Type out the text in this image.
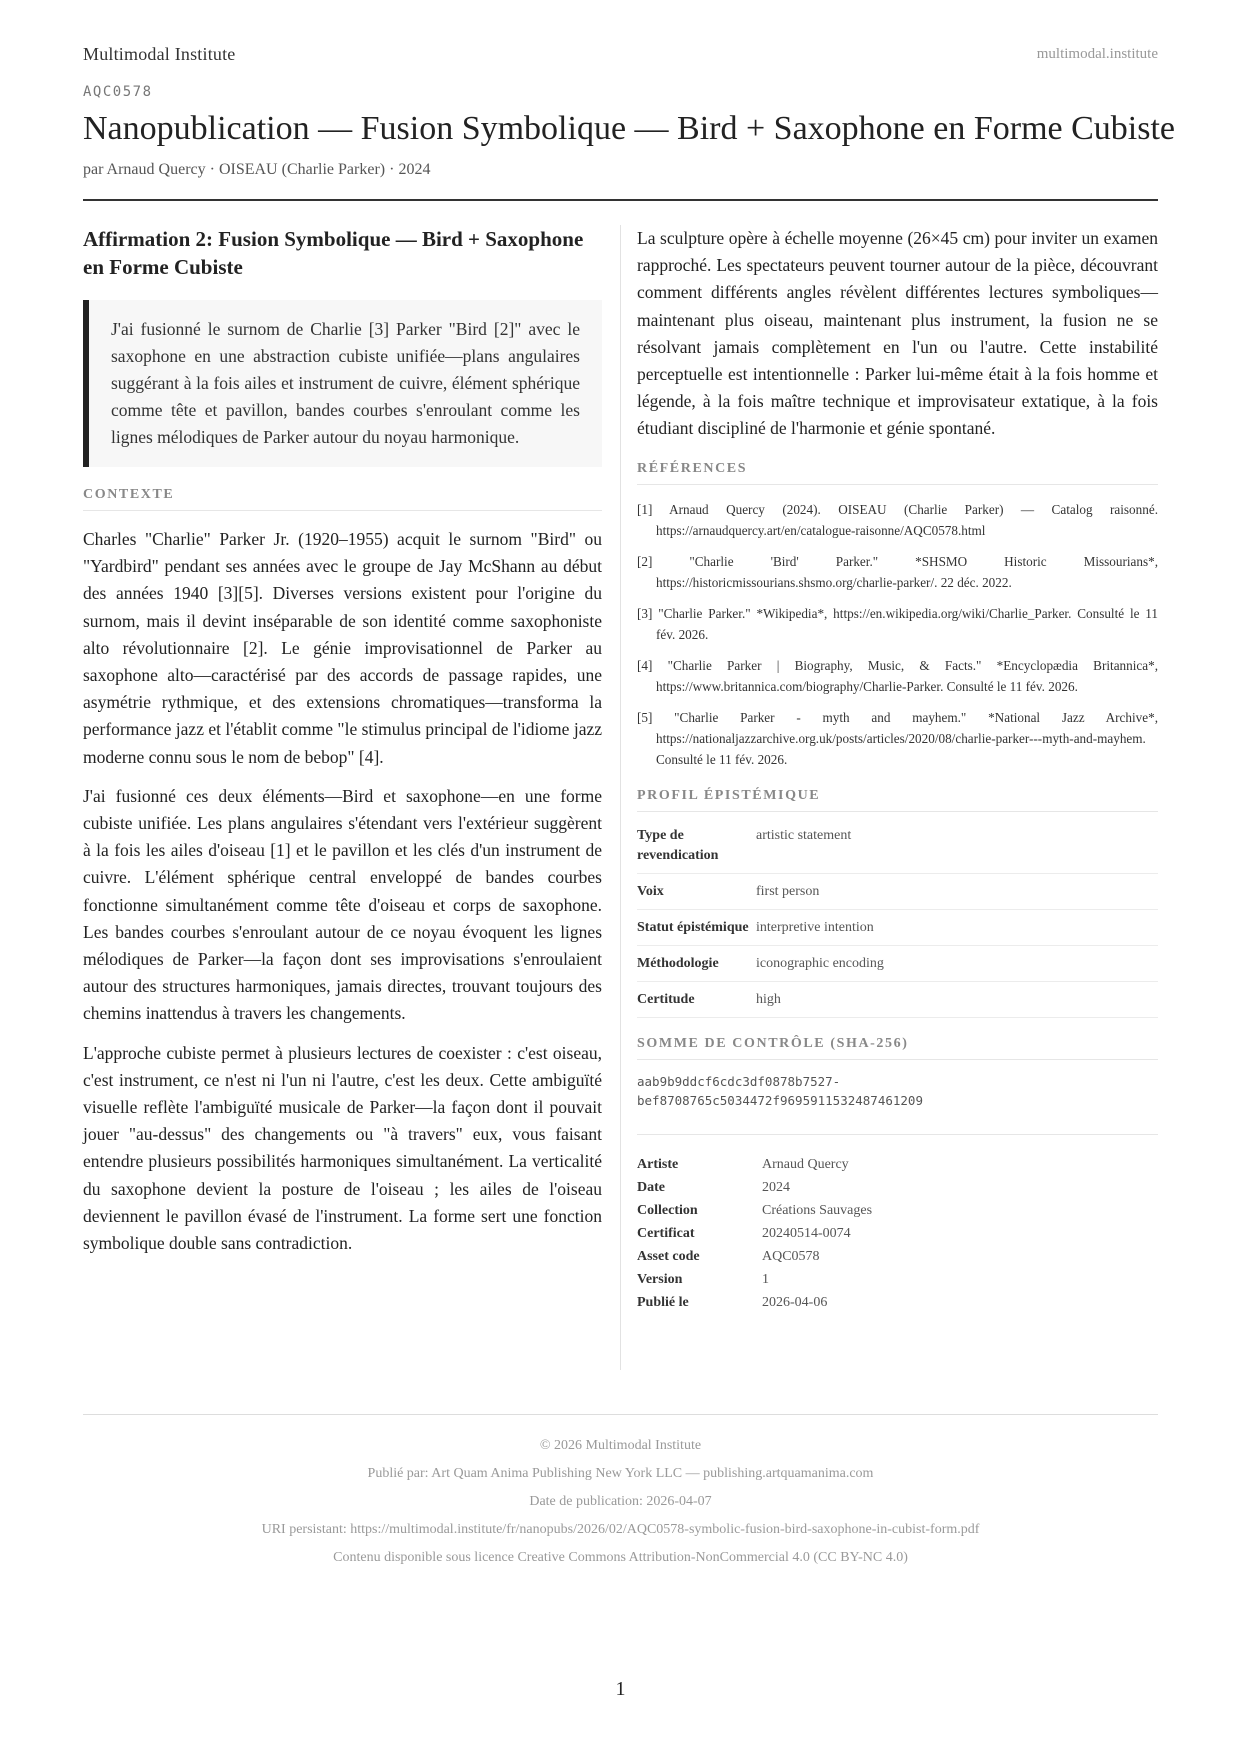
Multimodal Institute	multimodal.institute
AQC0578
Nanopublication — Fusion Symbolique — Bird + Saxophone en Forme Cubiste
par Arnaud Quercy · OISEAU (Charlie Parker) · 2024
Affirmation 2: Fusion Symbolique — Bird + Saxophone en Forme Cubiste
J'ai fusionné le surnom de Charlie [3] Parker "Bird [2]" avec le saxophone en une abstraction cubiste unifiée—plans angulaires suggérant à la fois ailes et instrument de cuivre, élément sphérique comme tête et pavillon, bandes courbes s'enroulant comme les lignes mélodiques de Parker autour du noyau harmonique.
CONTEXTE

Charles "Charlie" Parker Jr. (1920–1955) acquit le surnom "Bird" ou "Yardbird" pendant ses années avec le groupe de Jay McShann au début des années 1940 [3][5]. Diverses versions existent pour l'origine du surnom, mais il devint inséparable de son identité comme saxophoniste alto révolutionnaire [2]. Le génie improvisationnel de Parker au saxophone alto—caractérisé par des accords de passage rapides, une asymétrie rythmique, et des extensions chromatiques—transforma la performance jazz et l'établit comme "le stimulus principal de l'idiome jazz moderne connu sous le nom de bebop" [4].

J'ai fusionné ces deux éléments—Bird et saxophone—en une forme cubiste unifiée. Les plans angulaires s'étendant vers l'extérieur suggèrent à la fois les ailes d'oiseau [1] et le pavillon et les clés d'un instrument de cuivre. L'élément sphérique central enveloppé de bandes courbes fonctionne simultanément comme tête d'oiseau et corps de saxophone. Les bandes courbes s'enroulant autour de ce noyau évoquent les lignes mélodiques de Parker—la façon dont ses improvisations s'enroulaient autour des structures harmoniques, jamais directes, trouvant toujours des chemins inattendus à travers les changements.

L'approche cubiste permet à plusieurs lectures de coexister : c'est oiseau, c'est instrument, ce n'est ni l'un ni l'autre, c'est les deux. Cette ambiguïté visuelle reflète l'ambiguïté musicale de Parker—la façon dont il pouvait jouer "au-dessus" des changements ou "à travers" eux, vous faisant entendre plusieurs possibilités harmoniques simultanément. La verticalité du saxophone devient la posture de l'oiseau ; les ailes de l'oiseau deviennent le pavillon évasé de l'instrument. La forme sert une fonction symbolique double sans contradiction.

La sculpture opère à échelle moyenne (26×45 cm) pour inviter un examen rapproché. Les spectateurs peuvent tourner autour de la pièce, découvrant comment différents angles révèlent différentes lectures symboliques—maintenant plus oiseau, maintenant plus instrument, la fusion ne se résolvant jamais complètement en l'un ou l'autre. Cette instabilité perceptuelle est intentionnelle : Parker lui-même était à la fois homme et légende, à la fois maître technique et improvisateur extatique, à la fois étudiant discipliné de l'harmonie et génie spontané.

RÉFÉRENCES
[1] Arnaud Quercy (2024). OISEAU (Charlie Parker) — Catalog raisonné. https://arnaudquercy.art/en/catalogue-raisonne/AQC0578.html
[2] "Charlie 'Bird' Parker." *SHSMO Historic Missourians*, https://historicmissourians.shsmo.org/charlie-parker/. 22 déc. 2022.
[3] "Charlie Parker." *Wikipedia*, https://en.wikipedia.org/wiki/Charlie_Parker. Consulté le 11 fév. 2026.
[4] "Charlie Parker | Biography, Music, & Facts." *Encyclopædia Britannica*, https://www.britannica.com/biography/Charlie-Parker. Consulté le 11 fév. 2026.
[5] "Charlie Parker - myth and mayhem." *National Jazz Archive*, https://nationaljazzarchive.org.uk/posts/articles/2020/08/charlie-parker---myth-and-mayhem. Consulté le 11 fév. 2026.
PROFIL ÉPISTÉMIQUE
Type de revendication	artistic statement
Voix	first person
Statut épistémique	interpretive intention
Méthodologie	iconographic encoding
Certitude	high
SOMME DE CONTRÔLE (SHA-256)
aab9b9ddcf6cdc3df0878b7527-
bef8708765c5034472f9695911532487461209
Artiste	Arnaud Quercy
Date	2024
Collection	Créations Sauvages
Certificat	20240514-0074
Asset code	AQC0578
Version	1
Publié le	2026-04-06
© 2026 Multimodal Institute
Publié par: Art Quam Anima Publishing New York LLC — publishing.artquamanima.com
Date de publication: 2026-04-07
URI persistant: https://multimodal.institute/fr/nanopubs/2026/02/AQC0578-symbolic-fusion-bird-saxophone-in-cubist-form.pdf
Contenu disponible sous licence Creative Commons Attribution-NonCommercial 4.0 (CC BY-NC 4.0)
1
